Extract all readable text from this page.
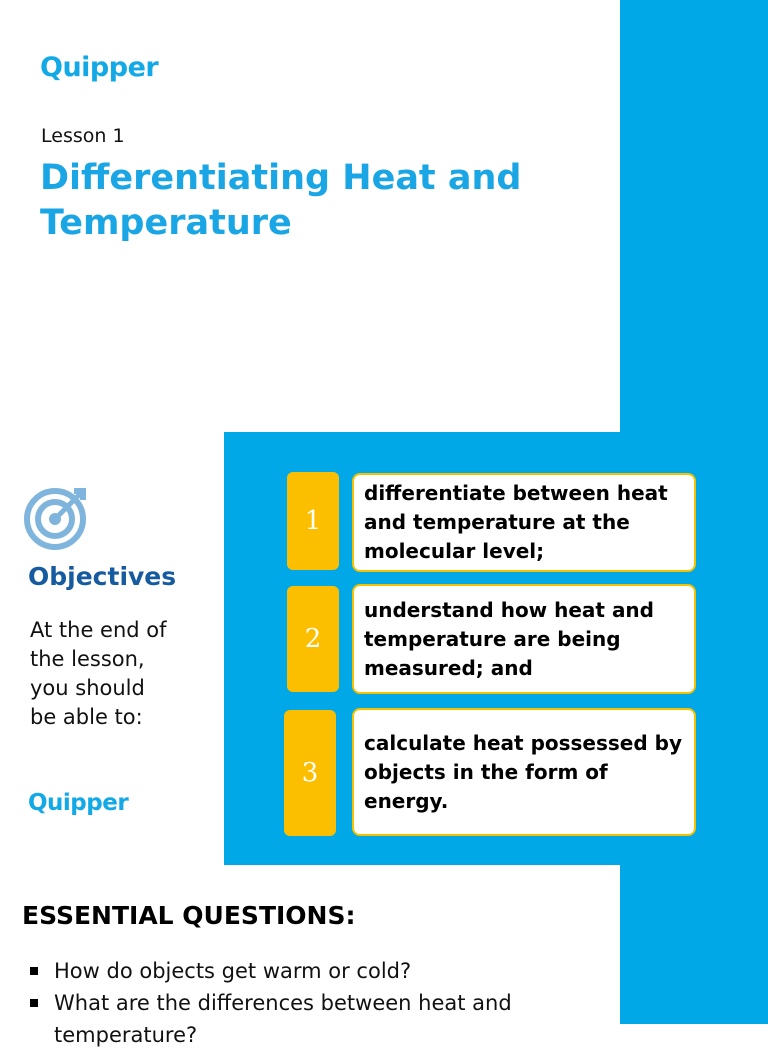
Quipper
Lesson 1
Differentiating Heat and Temperature
Objectives
At the end of the lesson, you should be able to:
Quipper
1
differentiate between heat and temperature at the molecular level;
2
understand how heat and temperature are being measured; and
3
calculate heat possessed by objects in the form of energy.
ESSENTIAL QUESTIONS:
How do objects get warm or cold?
What are the differences between heat and temperature?
